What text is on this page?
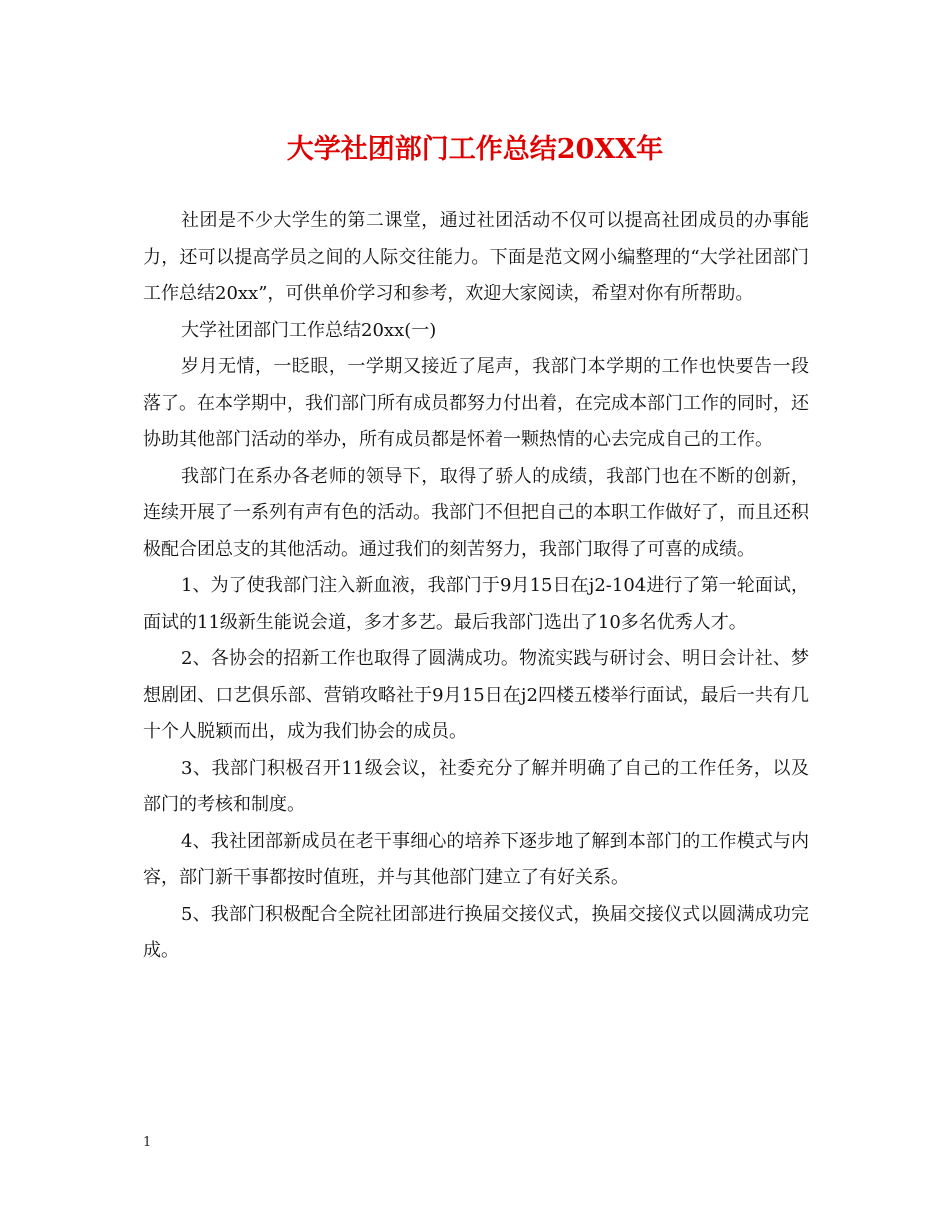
大学社团部门工作总结20XX年

社团是不少大学生的第二课堂，通过社团活动不仅可以提高社团成员的办事能力，还可以提高学员之间的人际交往能力。下面是范文网小编整理的“大学社团部门工作总结20xx”，可供单价学习和参考，欢迎大家阅读，希望对你有所帮助。

大学社团部门工作总结20xx(一)

岁月无情，一眨眼，一学期又接近了尾声，我部门本学期的工作也快要告一段落了。在本学期中，我们部门所有成员都努力付出着，在完成本部门工作的同时，还协助其他部门活动的举办，所有成员都是怀着一颗热情的心去完成自己的工作。

我部门在系办各老师的领导下，取得了骄人的成绩，我部门也在不断的创新，连续开展了一系列有声有色的活动。我部门不但把自己的本职工作做好了，而且还积极配合团总支的其他活动。通过我们的刻苦努力，我部门取得了可喜的成绩。

1、为了使我部门注入新血液，我部门于9月15日在j2-104进行了第一轮面试，面试的11级新生能说会道，多才多艺。最后我部门选出了10多名优秀人才。

2、各协会的招新工作也取得了圆满成功。物流实践与研讨会、明日会计社、梦想剧团、口艺俱乐部、营销攻略社于9月15日在j2四楼五楼举行面试，最后一共有几十个人脱颖而出，成为我们协会的成员。

3、我部门积极召开11级会议，社委充分了解并明确了自己的工作任务，以及部门的考核和制度。

4、我社团部新成员在老干事细心的培养下逐步地了解到本部门的工作模式与内容，部门新干事都按时值班，并与其他部门建立了有好关系。

5、我部门积极配合全院社团部进行换届交接仪式，换届交接仪式以圆满成功完成。

1
